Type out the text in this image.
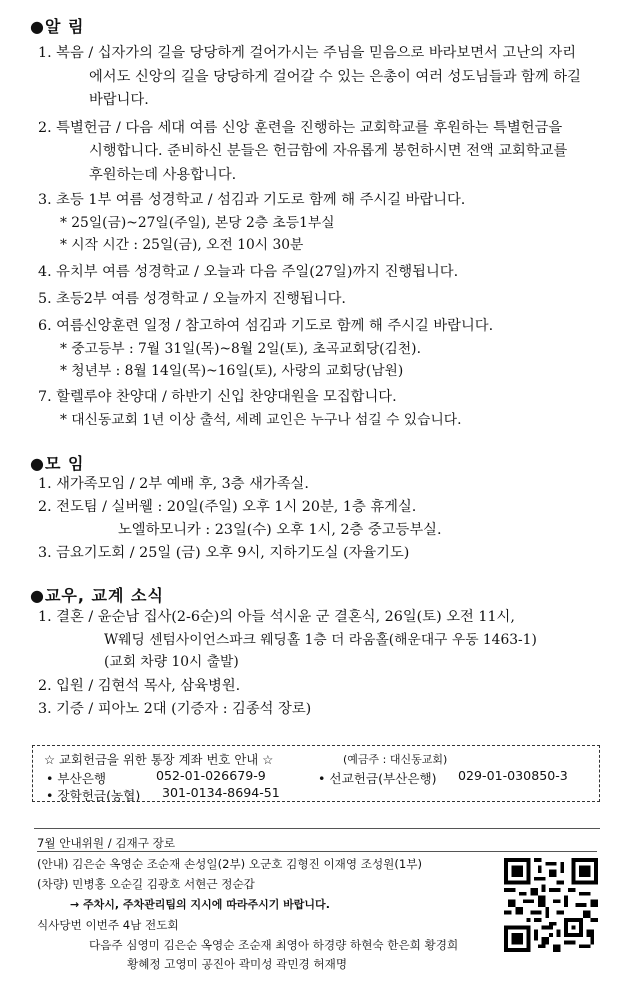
●알 림
1. 복음 / 십자가의 길을 당당하게 걸어가시는 주님을 믿음으로 바라보면서 고난의 자리
에서도 신앙의 길을 당당하게 걸어갈 수 있는 은총이 여러 성도님들과 함께 하길
바랍니다.
2. 특별헌금 / 다음 세대 여름 신앙 훈련을 진행하는 교회학교를 후원하는 특별헌금을
시행합니다. 준비하신 분들은 헌금함에 자유롭게 봉헌하시면 전액 교회학교를
후원하는데 사용합니다.
3. 초등 1부 여름 성경학교 / 섬김과 기도로 함께 해 주시길 바랍니다.
* 25일(금)~27일(주일), 본당 2층 초등1부실
* 시작 시간 : 25일(금), 오전 10시 30분
4. 유치부 여름 성경학교 / 오늘과 다음 주일(27일)까지 진행됩니다.
5. 초등2부 여름 성경학교 / 오늘까지 진행됩니다.
6. 여름신앙훈련 일정 / 참고하여 섬김과 기도로 함께 해 주시길 바랍니다.
* 중고등부 : 7월 31일(목)~8월 2일(토), 초곡교회당(김천).
* 청년부 : 8월 14일(목)~16일(토), 사랑의 교회당(남원)
7. 할렐루야 찬양대 / 하반기 신입 찬양대원을 모집합니다.
* 대신동교회 1년 이상 출석, 세례 교인은 누구나 섬길 수 있습니다.
●모 임
1. 새가족모임 / 2부 예배 후, 3층 새가족실.
2. 전도팀 / 실버웰 : 20일(주일) 오후 1시 20분, 1층 휴게실.
노엘하모니카 : 23일(수) 오후 1시, 2층 중고등부실.
3. 금요기도회 / 25일 (금) 오후 9시, 지하기도실 (자율기도)
●교우, 교계 소식
1. 결혼 / 윤순남 집사(2-6순)의 아들 석시윤 군 결혼식, 26일(토) 오전 11시,
W웨딩 센텀사이언스파크 웨딩홀 1층 더 라움홀(해운대구 우동 1463-1)
(교회 차량 10시 출발)
2. 입원 / 김현석 목사, 삼육병원.
3. 기증 / 피아노 2대 (기증자 : 김종석 장로)
☆ 교회헌금을 위한 통장 계좌 번호 안내 ☆	(예금주 : 대신동교회)
• 부산은행	052-01-026679-9	• 선교헌금(부산은행) 029-01-030850-3
• 장학헌금(농협) 301-0134-8694-51
7월 안내위원 / 김재구 장로
(안내) 김은순 옥영순 조순재 손성일(2부) 오군호 김형진 이재영 조성원(1부)
(차량) 민병홍 오순길 김광호 서현근 정순갑
→ 주차시, 주차관리팀의 지시에 따라주시기 바랍니다.
식사당번 이번주 4남 전도회
다음주 심영미 김은순 옥영순 조순재 최영아 하경량 하현숙 한은희 황경희
황혜정 고영미 공진아 곽미성 곽민경 허재명
